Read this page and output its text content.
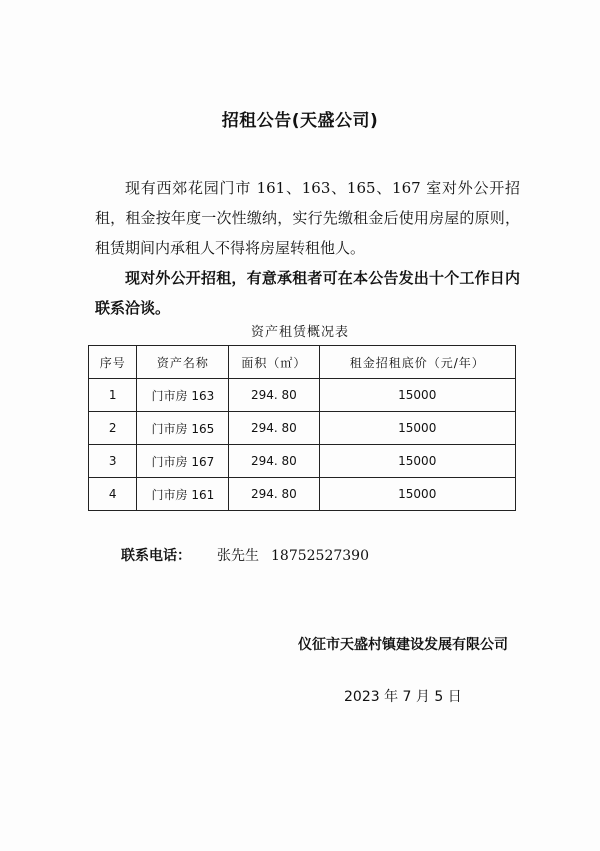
招租公告(天盛公司)
现有西郊花园门市 161、163、165、167 室对外公开招租，租金按年度一次性缴纳，实行先缴租金后使用房屋的原则，租赁期间内承租人不得将房屋转租他人。
现对外公开招租，有意承租者可在本公告发出十个工作日内联系洽谈。
资产租赁概况表
序号	资产名称	面积（㎡）	租金招租底价（元/年）
1	门市房 163	294. 80	15000
2	门市房 165	294. 80	15000
3	门市房 167	294. 80	15000
4	门市房 161	294. 80	15000
联系电话： 张先生 18752527390
仪征市天盛村镇建设发展有限公司
2023 年 7 月 5 日
